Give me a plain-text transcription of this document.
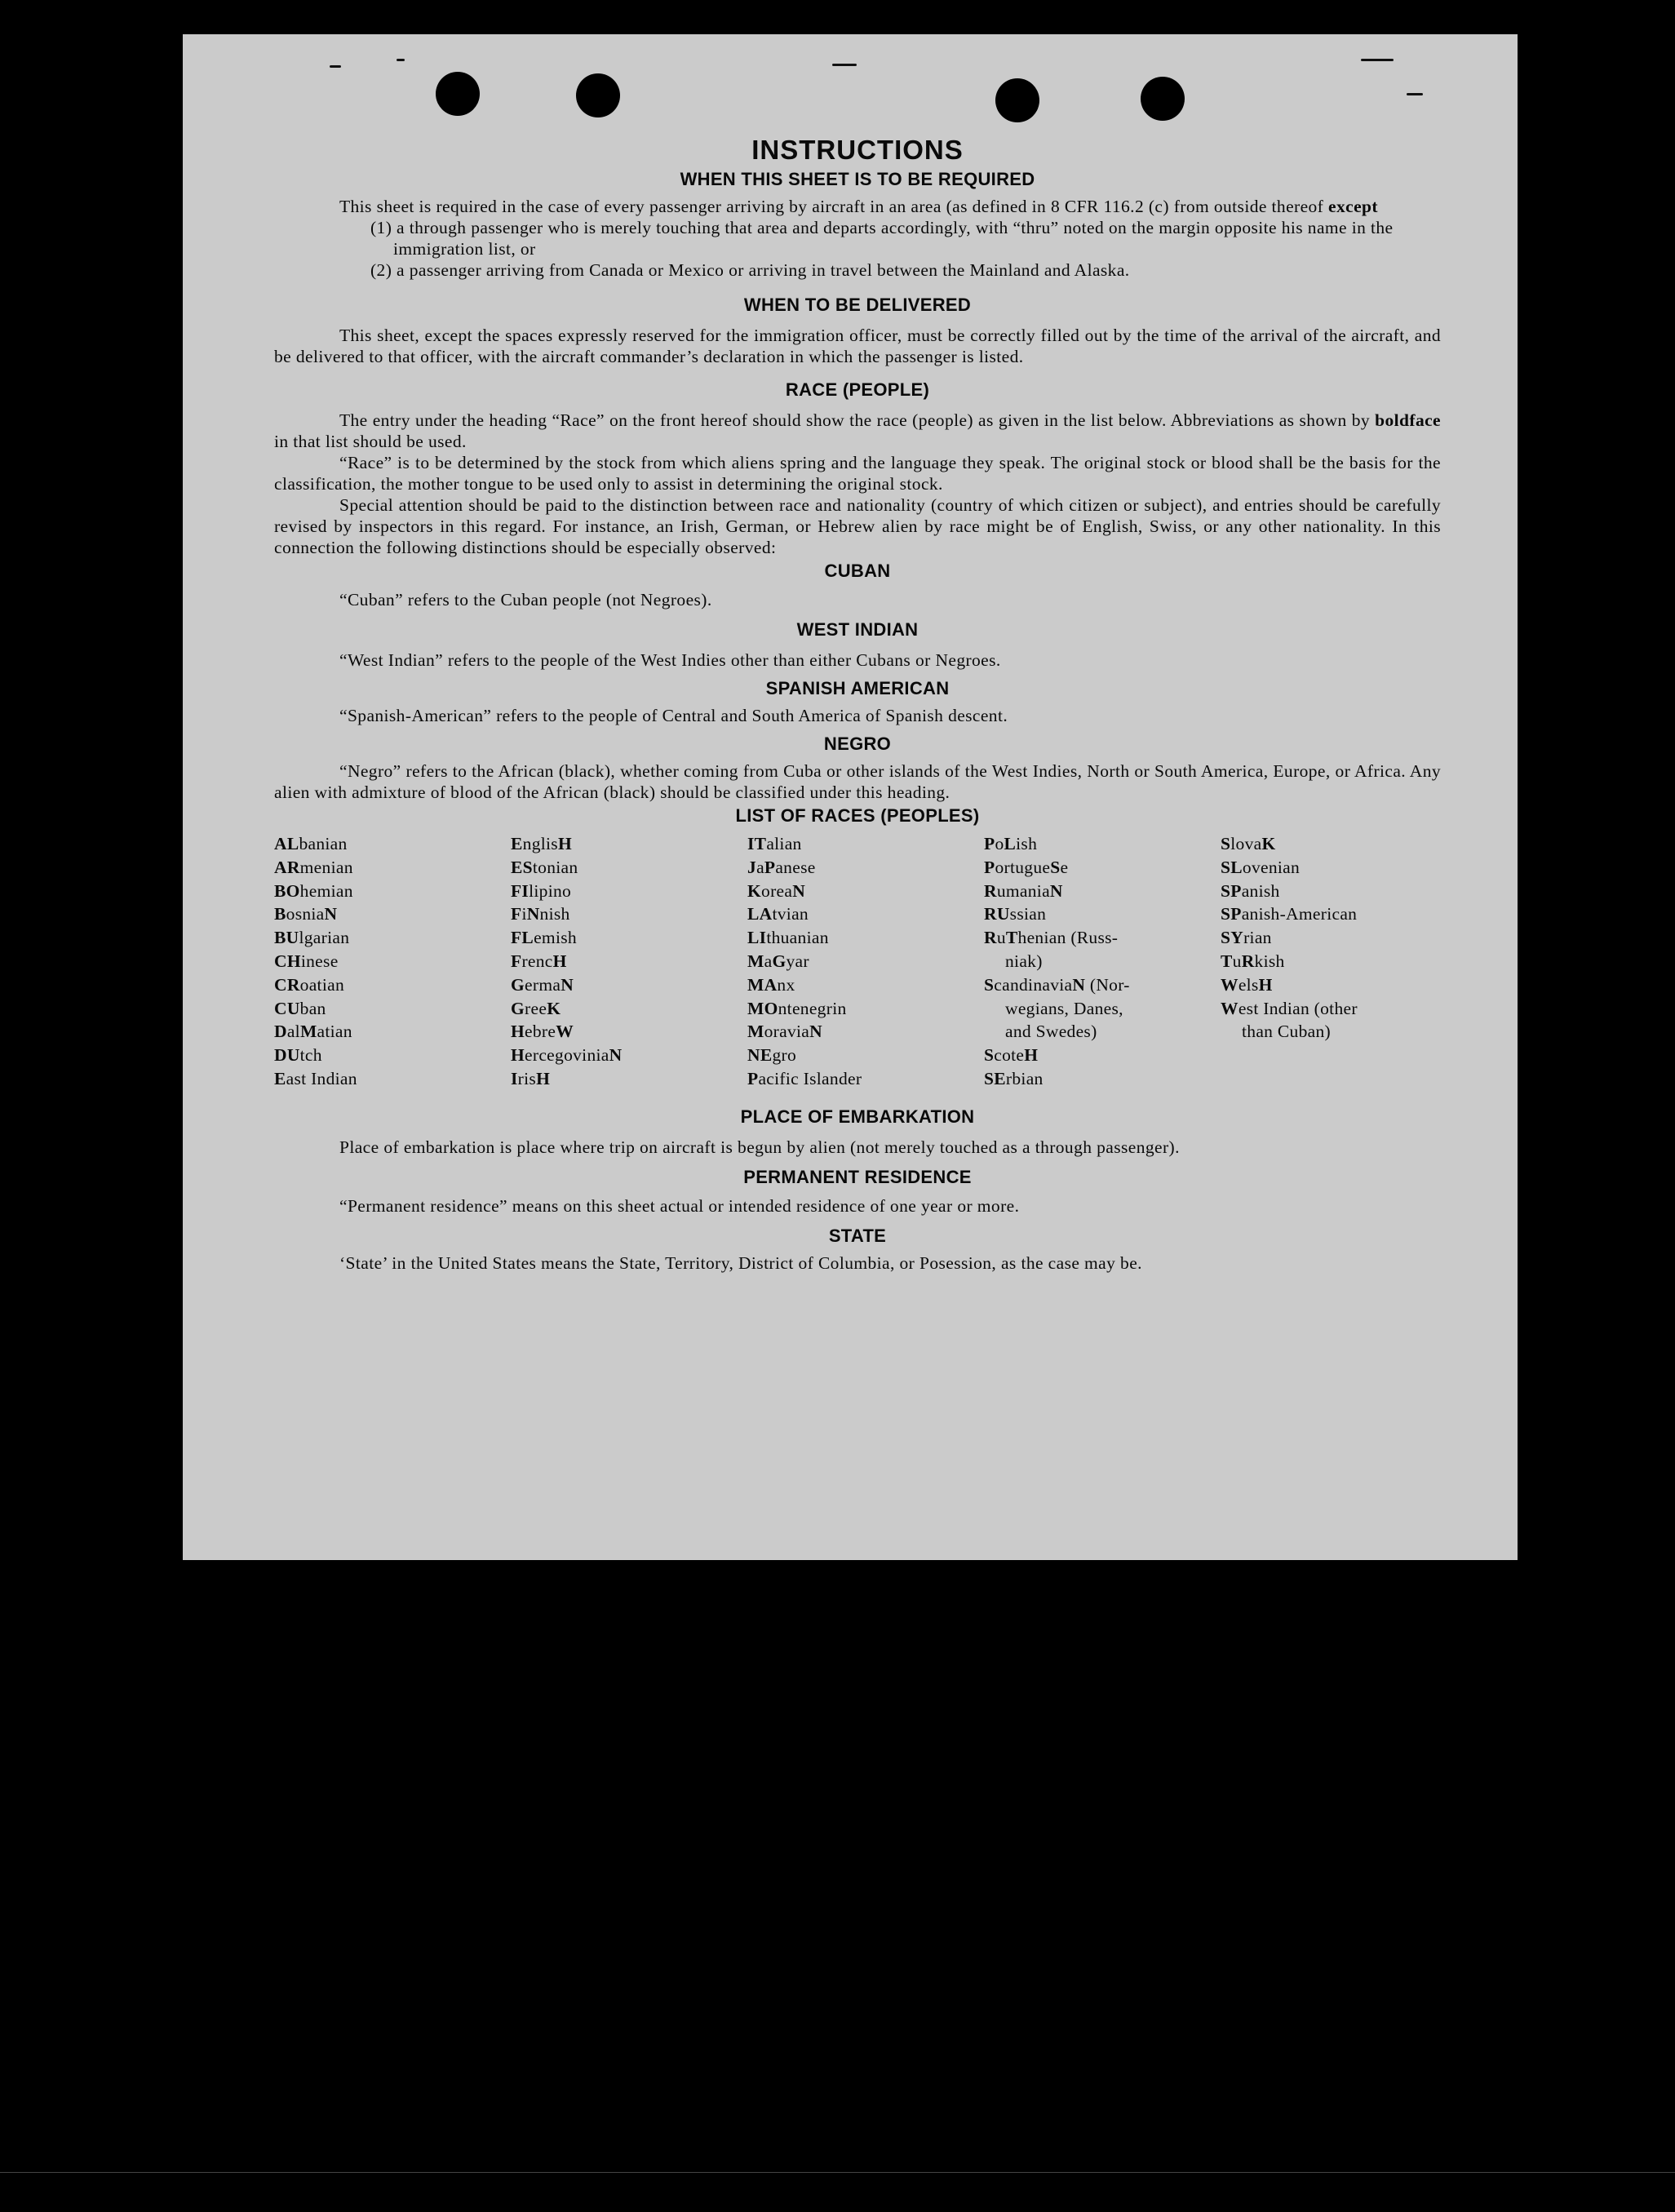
INSTRUCTIONS
WHEN THIS SHEET IS TO BE REQUIRED

This sheet is required in the case of every passenger arriving by aircraft in an area (as defined in 8 CFR 116.2 (c) from outside thereof except

(1) a through passenger who is merely touching that area and departs accordingly, with “thru” noted on the margin opposite his name in the immigration list, or

(2) a passenger arriving from Canada or Mexico or arriving in travel between the Mainland and Alaska.

WHEN TO BE DELIVERED

This sheet, except the spaces expressly reserved for the immigration officer, must be correctly filled out by the time of the arrival of the aircraft, and be delivered to that officer, with the aircraft commander’s declaration in which the passenger is listed.

RACE (PEOPLE)

The entry under the heading “Race” on the front hereof should show the race (people) as given in the list below. Abbreviations as shown by boldface in that list should be used.

“Race” is to be determined by the stock from which aliens spring and the language they speak. The original stock or blood shall be the basis for the classification, the mother tongue to be used only to assist in determining the original stock.

Special attention should be paid to the distinction between race and nationality (country of which citizen or subject), and entries should be carefully revised by inspectors in this regard. For instance, an Irish, German, or Hebrew alien by race might be of English, Swiss, or any other nationality. In this connection the following distinctions should be especially observed:

CUBAN

“Cuban” refers to the Cuban people (not Negroes).

WEST INDIAN

“West Indian” refers to the people of the West Indies other than either Cubans or Negroes.

SPANISH AMERICAN

“Spanish-American” refers to the people of Central and South America of Spanish descent.

NEGRO

“Negro” refers to the African (black), whether coming from Cuba or other islands of the West Indies, North or South America, Europe, or Africa. Any alien with admixture of blood of the African (black) should be classified under this heading.

LIST OF RACES (PEOPLES)
ALbanian
ARmenian
BOhemian
BosniaN
BUlgarian
CHinese
CRoatian
CUban
DalMatian
DUtch
East Indian
EnglisH
EStonian
FIlipino
FiNnish
FLemish
FrencH
GermaN
GreeK
HebreW
HercegoviniaN
IrisH
ITalian
JaPanese
KoreaN
LAtvian
LIthuanian
MaGyar
MAnx
MOntenegrin
MoraviaN
NEgro
Pacific Islander
PoLish
PortugueSe
RumaniaN
RUssian
RuThenian (Russ-
niak)
ScandinaviaN (Nor-
wegians, Danes,
and Swedes)
ScoteH
SErbian
SlovaK
SLovenian
SPanish
SPanish-American
SYrian
TuRkish
WelsH
West Indian (other
than Cuban)
PLACE OF EMBARKATION

Place of embarkation is place where trip on aircraft is begun by alien (not merely touched as a through passenger).

PERMANENT RESIDENCE

“Permanent residence” means on this sheet actual or intended residence of one year or more.

STATE

‘State’ in the United States means the State, Territory, District of Columbia, or Posession, as the case may be.
